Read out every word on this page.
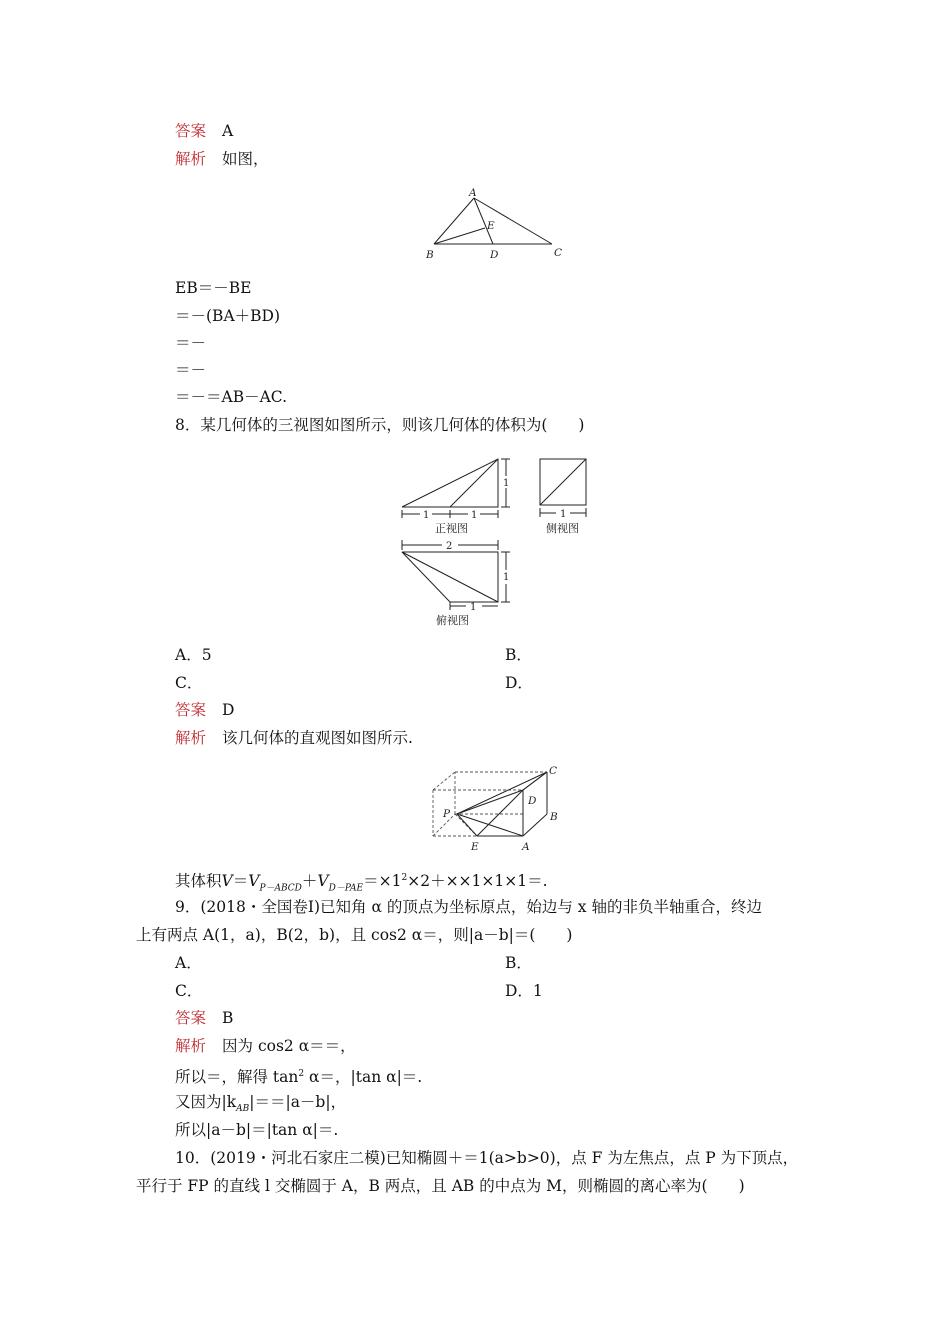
答案 A
解析 如图，
A
B	C
D
E
EB＝－BE
＝－(BA＋BD)
＝－
＝－
＝－＝AB－AC.
8．某几何体的三视图如图所示，则该几何体的体积为(　　)
1	1
1
正视图
1
侧视图
2
1
1
俯视图
A．5	B．
C．	D．
答案 D
解析 该几何体的直观图如图所示.
C
D
B
P
E	A
其体积$V=V_{P-ABCD}+V_{D-PAE}=\times 1^2\times 2+\times\times 1\times 1\times 1=$.
9．(2018・全国卷Ⅰ)已知角 α 的顶点为坐标原点，始边与 x 轴的非负半轴重合，终边
上有两点 A(1，a)，B(2，b)，且 cos2 α＝，则|a－b|＝(　　)
A．	B．
C．	D．1
答案 B
解析 因为 cos2 α＝＝，
所以＝，解得 $\tan^2 \alpha=$，|tan α|＝.
又因为$|k_{AB}|==|a-b|$，
所以|a－b|＝|tan α|＝.
10．(2019・河北石家庄二模)已知椭圆＋＝1(a>b>0)，点 F 为左焦点，点 P 为下顶点，
平行于 FP 的直线 l 交椭圆于 A，B 两点，且 AB 的中点为 M，则椭圆的离心率为(　　)
